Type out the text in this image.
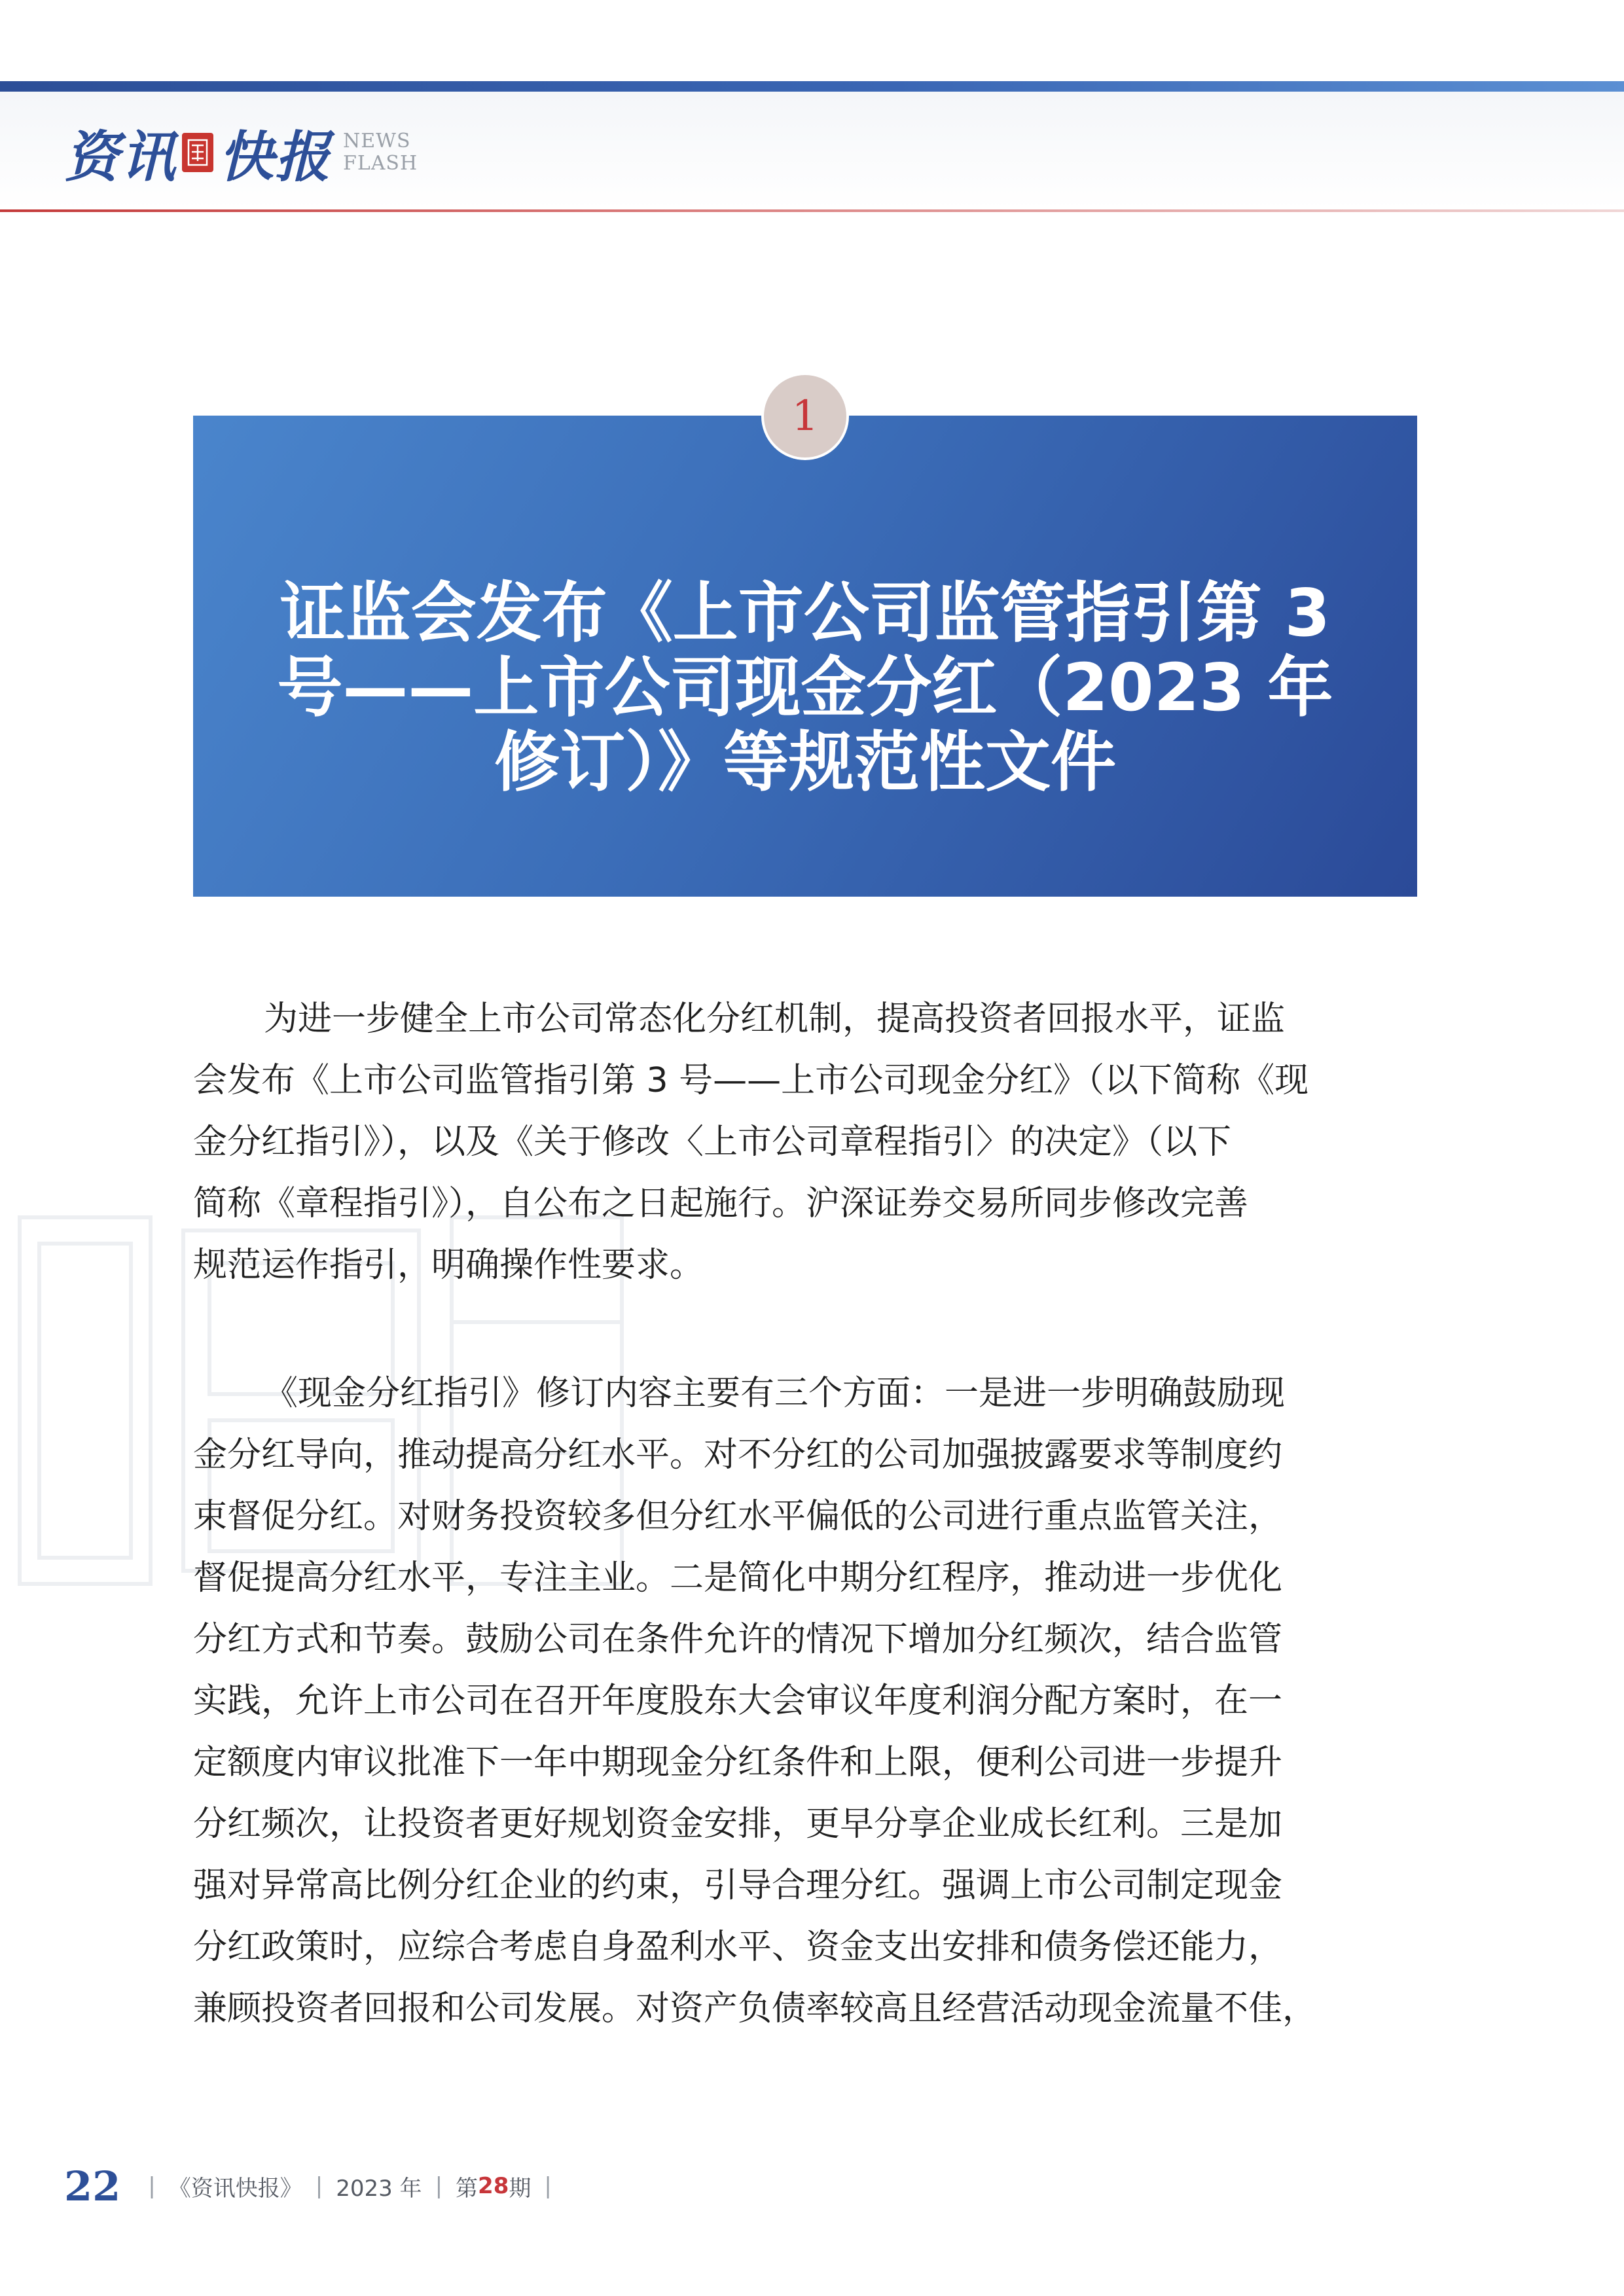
资讯 快报 NEWS
FLASH
1
证监会发布《上市公司监管指引第 3
号——上市公司现金分红（2023 年
修订）》等规范性文件
为进一步健全上市公司常态化分红机制，提高投资者回报水平，证监
会发布《上市公司监管指引第 3 号——上市公司现金分红》（以下简称《现
金分红指引》），以及《关于修改〈上市公司章程指引〉的决定》（以下
简称《章程指引》），自公布之日起施行。沪深证券交易所同步修改完善
规范运作指引，明确操作性要求。
《现金分红指引》修订内容主要有三个方面：一是进一步明确鼓励现
金分红导向，推动提高分红水平。对不分红的公司加强披露要求等制度约
束督促分红。对财务投资较多但分红水平偏低的公司进行重点监管关注，
督促提高分红水平，专注主业。二是简化中期分红程序，推动进一步优化
分红方式和节奏。鼓励公司在条件允许的情况下增加分红频次，结合监管
实践，允许上市公司在召开年度股东大会审议年度利润分配方案时，在一
定额度内审议批准下一年中期现金分红条件和上限，便利公司进一步提升
分红频次，让投资者更好规划资金安排，更早分享企业成长红利。三是加
强对异常高比例分红企业的约束，引导合理分红。强调上市公司制定现金
分红政策时，应综合考虑自身盈利水平、资金支出安排和债务偿还能力，
兼顾投资者回报和公司发展。对资产负债率较高且经营活动现金流量不佳，
22 | 《资讯快报》 | 2023 年 | 第 28 期 |
